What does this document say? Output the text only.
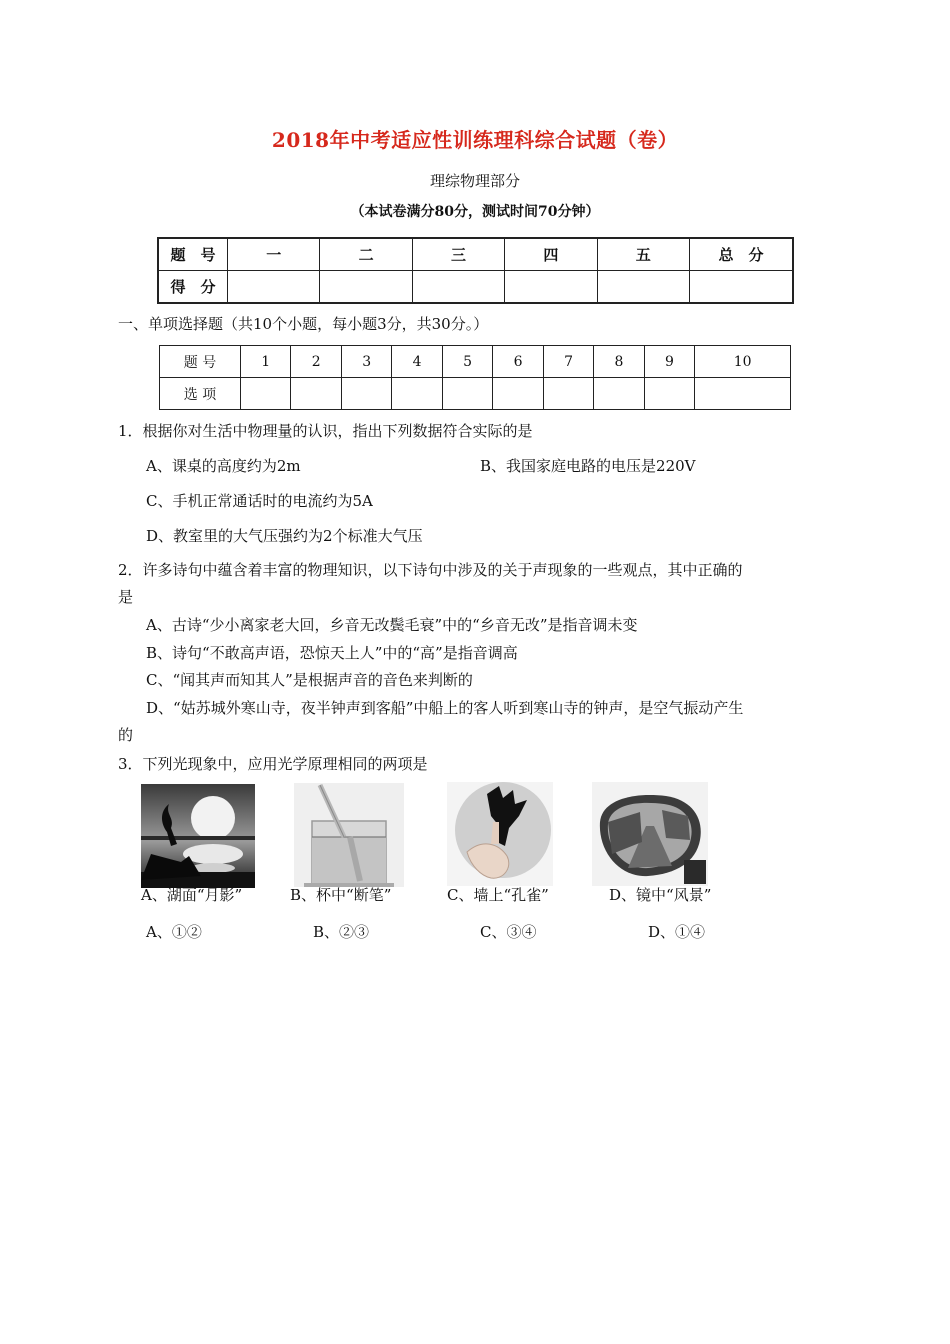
2018年中考适应性训练理科综合试题（卷）
理综物理部分
（本试卷满分80分，测试时间70分钟）
题　号	一	二	三	四	五	总　分
得　分						
一、单项选择题（共10个小题，每小题3分，共30分。）
题 号	1	2	3	4	5	6	7	8	9	10
选 项										
1．根据你对生活中物理量的认识，指出下列数据符合实际的是
A、课桌的高度约为2m	B、我国家庭电路的电压是220V
C、手机正常通话时的电流约为5A
D、教室里的大气压强约为2个标准大气压
2．许多诗句中蕴含着丰富的物理知识，以下诗句中涉及的关于声现象的一些观点，其中正确的
是
A、古诗“少小离家老大回，乡音无改鬓毛衰”中的“乡音无改”是指音调未变
B、诗句“不敢高声语，恐惊天上人”中的“高”是指音调高
C、“闻其声而知其人”是根据声音的音色来判断的
D、“姑苏城外寒山寺，夜半钟声到客船”中船上的客人听到寒山寺的钟声，是空气振动产生
的
3．下列光现象中，应用光学原理相同的两项是
A、湖面“月影”	B、杯中“断笔”	C、墙上“孔雀”	D、镜中“风景”
A、①②	B、②③	C、③④	D、①④
